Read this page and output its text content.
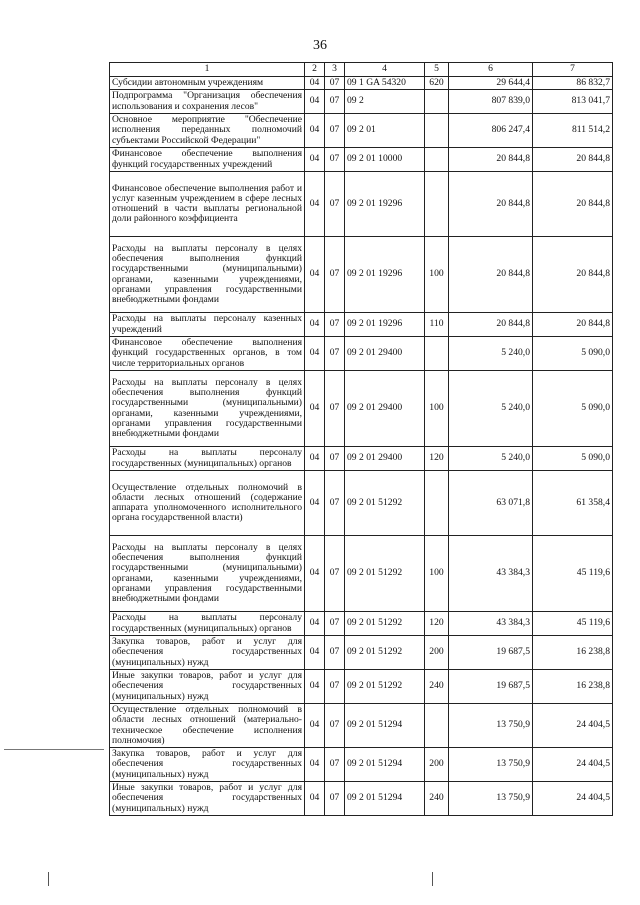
36
1	2	3	4	5	6	7
Субсидии автономным учреждениям	04	07	09 1 GA 54320	620	29 644,4	86 832,7
Подпрограмма "Организация обеспечения использования и сохранения лесов"	04	07	09 2		807 839,0	813 041,7
Основное мероприятие "Обеспечение исполнения переданных полномочий субъектами Российской Федерации"	04	07	09 2 01		806 247,4	811 514,2
Финансовое обеспечение выполнения функций государственных учреждений	04	07	09 2 01 10000		20 844,8	20 844,8
Финансовое обеспечение выполнения работ и услуг казенным учреждением в сфере лесных отношений в части выплаты региональной доли районного коэффициента	04	07	09 2 01 19296		20 844,8	20 844,8
Расходы на выплаты персоналу в целях обеспечения выполнения функций государственными (муниципальными) органами, казенными учреждениями, органами управления государственными внебюджетными фондами	04	07	09 2 01 19296	100	20 844,8	20 844,8
Расходы на выплаты персоналу казенных учреждений	04	07	09 2 01 19296	110	20 844,8	20 844,8
Финансовое обеспечение выполнения функций государственных органов, в том числе территориальных органов	04	07	09 2 01 29400		5 240,0	5 090,0
Расходы на выплаты персоналу в целях обеспечения выполнения функций государственными (муниципальными) органами, казенными учреждениями, органами управления государственными внебюджетными фондами	04	07	09 2 01 29400	100	5 240,0	5 090,0
Расходы на выплаты персоналу государственных (муниципальных) органов	04	07	09 2 01 29400	120	5 240,0	5 090,0
Осуществление отдельных полномочий в области лесных отношений (содержание аппарата уполномоченного исполнительного органа государственной власти)	04	07	09 2 01 51292		63 071,8	61 358,4
Расходы на выплаты персоналу в целях обеспечения выполнения функций государственными (муниципальными) органами, казенными учреждениями, органами управления государственными внебюджетными фондами	04	07	09 2 01 51292	100	43 384,3	45 119,6
Расходы на выплаты персоналу государственных (муниципальных) органов	04	07	09 2 01 51292	120	43 384,3	45 119,6
Закупка товаров, работ и услуг для обеспечения государственных (муниципальных) нужд	04	07	09 2 01 51292	200	19 687,5	16 238,8
Иные закупки товаров, работ и услуг для обеспечения государственных (муниципальных) нужд	04	07	09 2 01 51292	240	19 687,5	16 238,8
Осуществление отдельных полномочий в области лесных отношений (материально-техническое обеспечение исполнения полномочия)	04	07	09 2 01 51294		13 750,9	24 404,5
Закупка товаров, работ и услуг для обеспечения государственных (муниципальных) нужд	04	07	09 2 01 51294	200	13 750,9	24 404,5
Иные закупки товаров, работ и услуг для обеспечения государственных (муниципальных) нужд	04	07	09 2 01 51294	240	13 750,9	24 404,5
